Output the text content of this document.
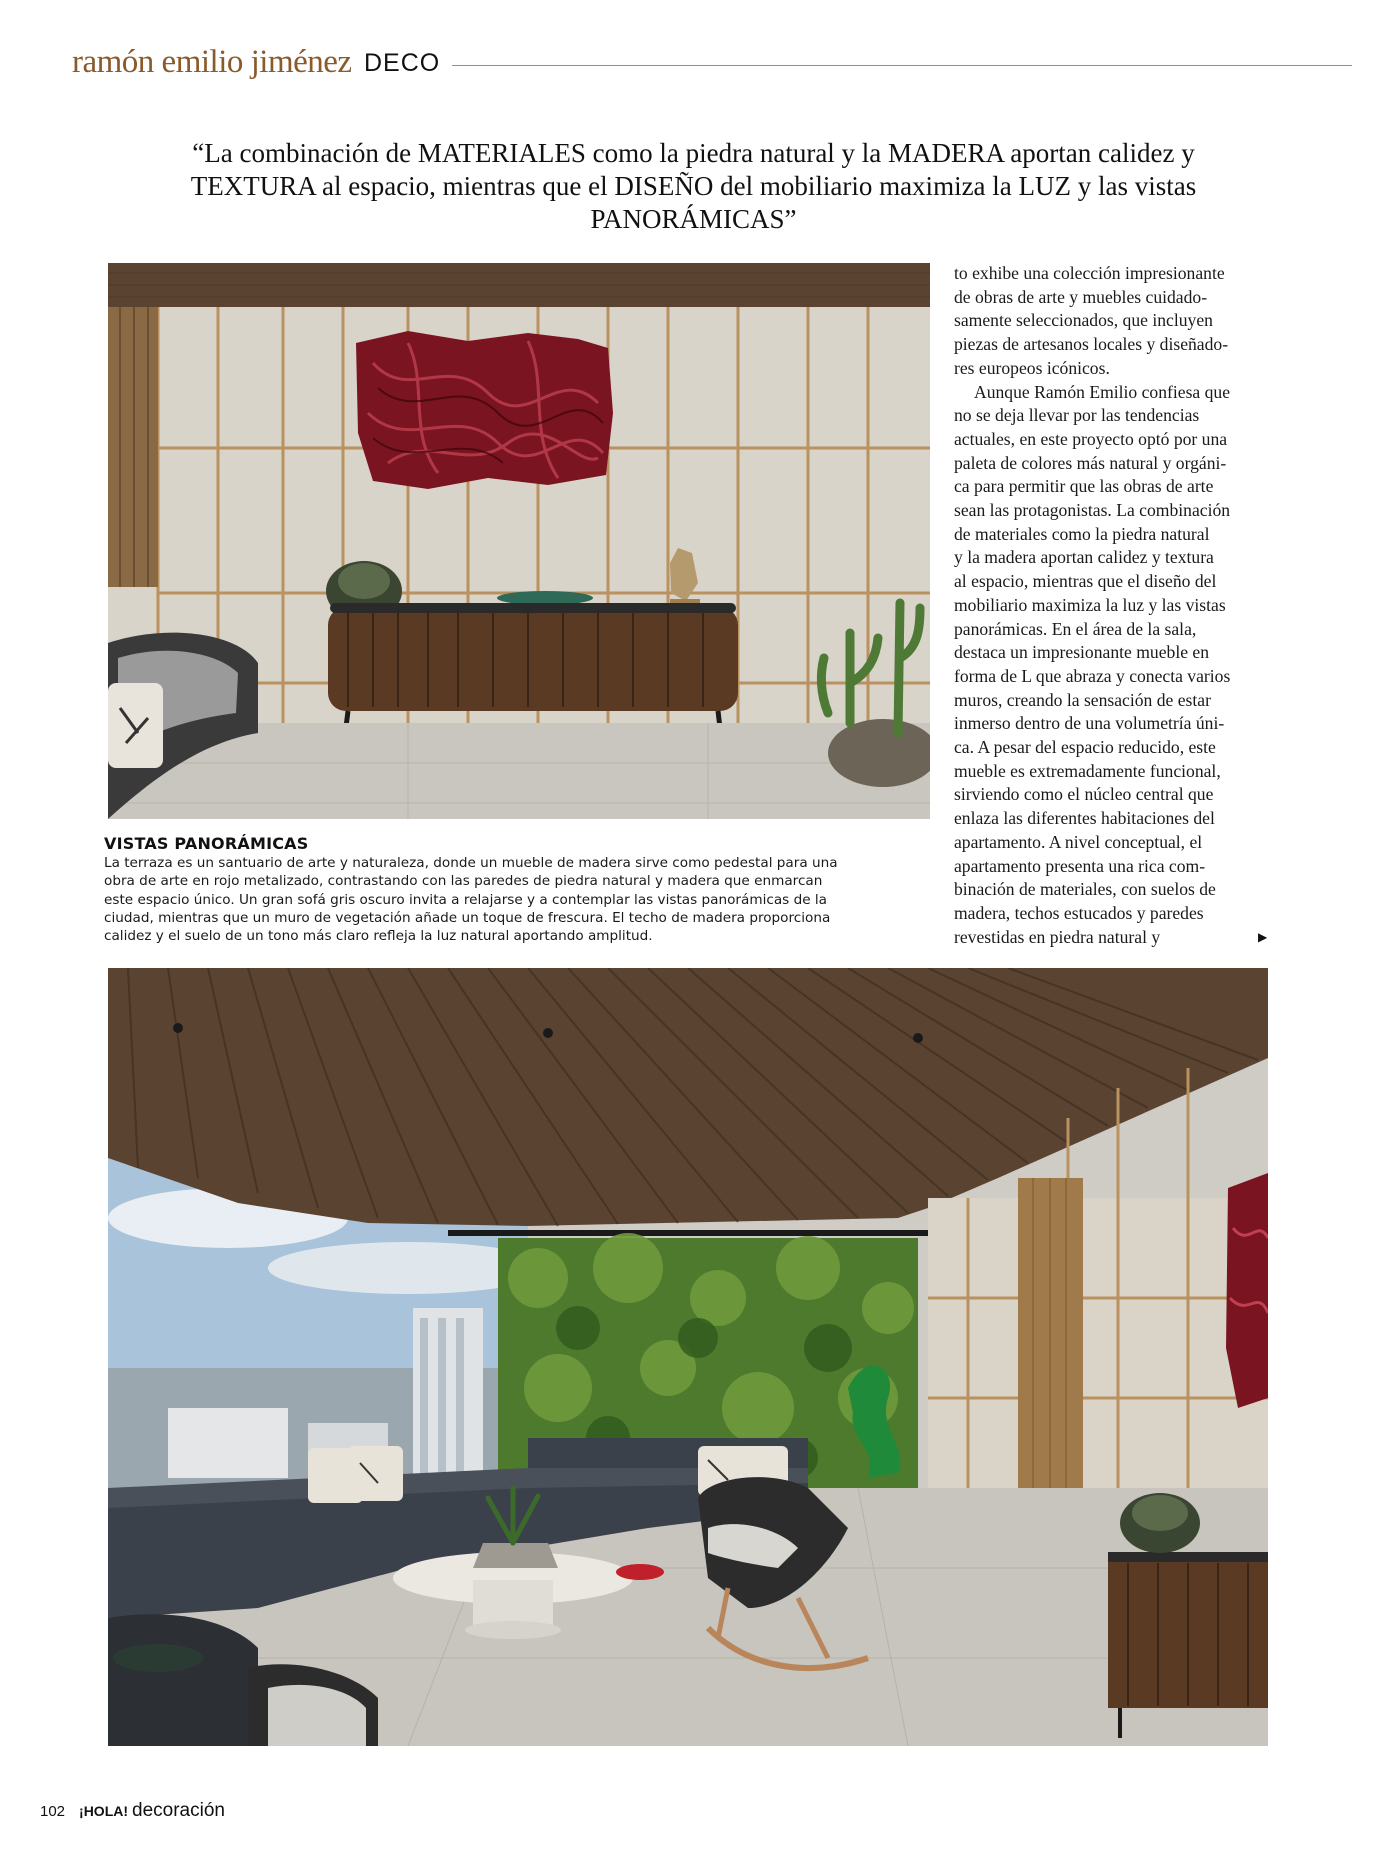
ramón emilio jiménez DECO
“La combinación de MATERIALES como la piedra natural y la MADERA aportan calidez y
TEXTURA al espacio, mientras que el DISEÑO del mobiliario maximiza la LUZ y las vistas
PANORÁMICAS”
to exhibe una colección impresionante
de obras de arte y muebles cuidado-
samente seleccionados, que incluyen
piezas de artesanos locales y diseñado-
res europeos icónicos.
Aunque Ramón Emilio confiesa que
no se deja llevar por las tendencias
actuales, en este proyecto optó por una
paleta de colores más natural y orgáni-
ca para permitir que las obras de arte
sean las protagonistas. La combinación
de materiales como la piedra natural
y la madera aportan calidez y textura
al espacio, mientras que el diseño del
mobiliario maximiza la luz y las vistas
panorámicas. En el área de la sala,
destaca un impresionante mueble en
forma de L que abraza y conecta varios
muros, creando la sensación de estar
inmerso dentro de una volumetría úni-
ca. A pesar del espacio reducido, este
mueble es extremadamente funcional,
sirviendo como el núcleo central que
enlaza las diferentes habitaciones del
apartamento. A nivel conceptual, el
apartamento presenta una rica com-
binación de materiales, con suelos de
madera, techos estucados y paredes
revestidas en piedra natural y	▶
VISTAS PANORÁMICAS
La terraza es un santuario de arte y naturaleza, donde un mueble de madera sirve como pedestal para una
obra de arte en rojo metalizado, contrastando con las paredes de piedra natural y madera que enmarcan
este espacio único. Un gran sofá gris oscuro invita a relajarse y a contemplar las vistas panorámicas de la
ciudad, mientras que un muro de vegetación añade un toque de frescura. El techo de madera proporciona
calidez y el suelo de un tono más claro refleja la luz natural aportando amplitud.
102 ¡HOLA! decoración
